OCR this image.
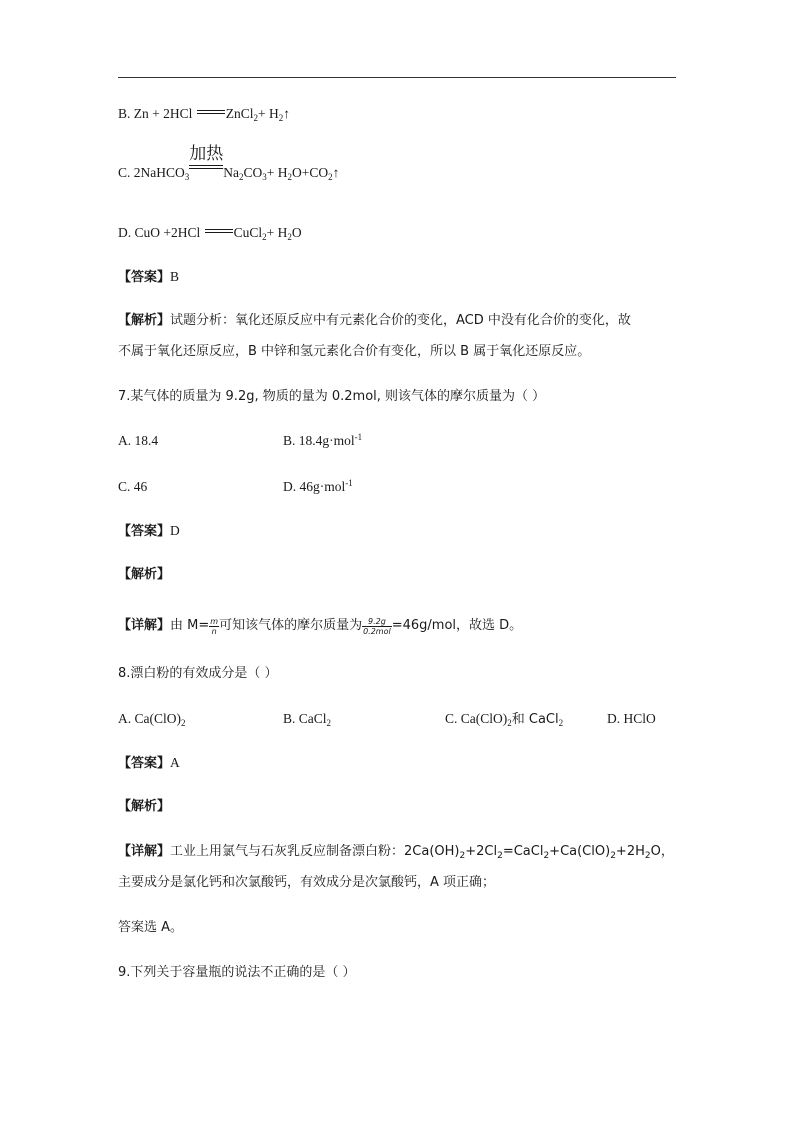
B. Zn + 2HCl ZnCl$_2$+ $H_2↑$
C. 2NaHCO$_3$
加热
$Na_2CO_3+$ $H_2O+CO_2↑$
D. CuO +2HCl CuCl$_2$+ $H_2O$
【答案】B
【解析】试题分析：氧化还原反应中有元素化合价的变化，ACD 中没有化合价的变化，故
不属于氧化还原反应，B 中锌和氢元素化合价有变化，所以 B 属于氧化还原反应。
7.某气体的质量为 9.2g, 物质的量为 0.2mol, 则该气体的摩尔质量为（ ）
A. 18.4	B. 18.4g·mol$^{-1}$
C. 46	D. 46g·mol$^{-1}$
【答案】D
【解析】
【详解】由 $M= \frac{m}{n}$ 可知该气体的摩尔质量为 $\frac{9.2g}{\text{0.2mol}} =46g/mol$，故选 D。
8.漂白粉的有效成分是（ ）
A. $Ca(ClO)_2$	B. CaCl$_2$	C. $Ca(ClO)_2$和 CaCl$_2$	D. HClO
【答案】A
【解析】
【详解】工业上用氯气与石灰乳反应制备漂白粉：$2Ca(OH)_2+2Cl_2=CaCl_2+Ca(ClO)_2+2H_2O$，
主要成分是氯化钙和次氯酸钙，有效成分是次氯酸钙，A 项正确；
答案选 A。
9.下列关于容量瓶的说法不正确的是（ ）
